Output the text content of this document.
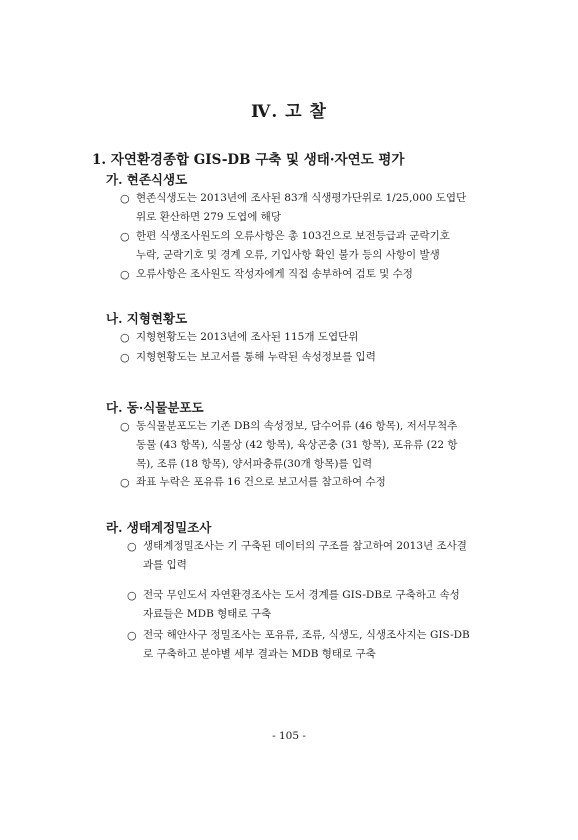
Ⅳ. 고 찰
1. 자연환경종합 GIS-DB 구축 및 생태·자연도 평가
가. 현존식생도
○ 현존식생도는 2013년에 조사된 83개 식생평가단위로 1/25,000 도엽단
위로 환산하면 279 도엽에 해당
○ 한편 식생조사원도의 오류사항은 총 103건으로 보전등급과 군락기호
누락, 군락기호 및 경계 오류, 기입사항 확인 불가 등의 사항이 발생
○ 오류사항은 조사원도 작성자에게 직접 송부하여 검토 및 수정
나. 지형현황도
○ 지형현황도는 2013년에 조사된 115개 도엽단위
○ 지형현황도는 보고서를 통해 누락된 속성정보를 입력
다. 동·식물분포도
○ 동식물분포도는 기존 DB의 속성정보, 담수어류 (46 항목), 저서무척추
동물 (43 항목), 식물상 (42 항목), 육상곤충 (31 항목), 포유류 (22 항
목), 조류 (18 항목), 양서파충류(30개 항목)를 입력
○ 좌표 누락은 포유류 16 건으로 보고서를 참고하여 수정
라. 생태계정밀조사
○ 생태계정밀조사는 기 구축된 데이터의 구조를 참고하여 2013년 조사결
과를 입력
○ 전국 무인도서 자연환경조사는 도서 경계를 GIS-DB로 구축하고 속성
자료들은 MDB 형태로 구축
○ 전국 해안사구 정밀조사는 포유류, 조류, 식생도, 식생조사지는 GIS-DB
로 구축하고 분야별 세부 결과는 MDB 형태로 구축
- 105 -
